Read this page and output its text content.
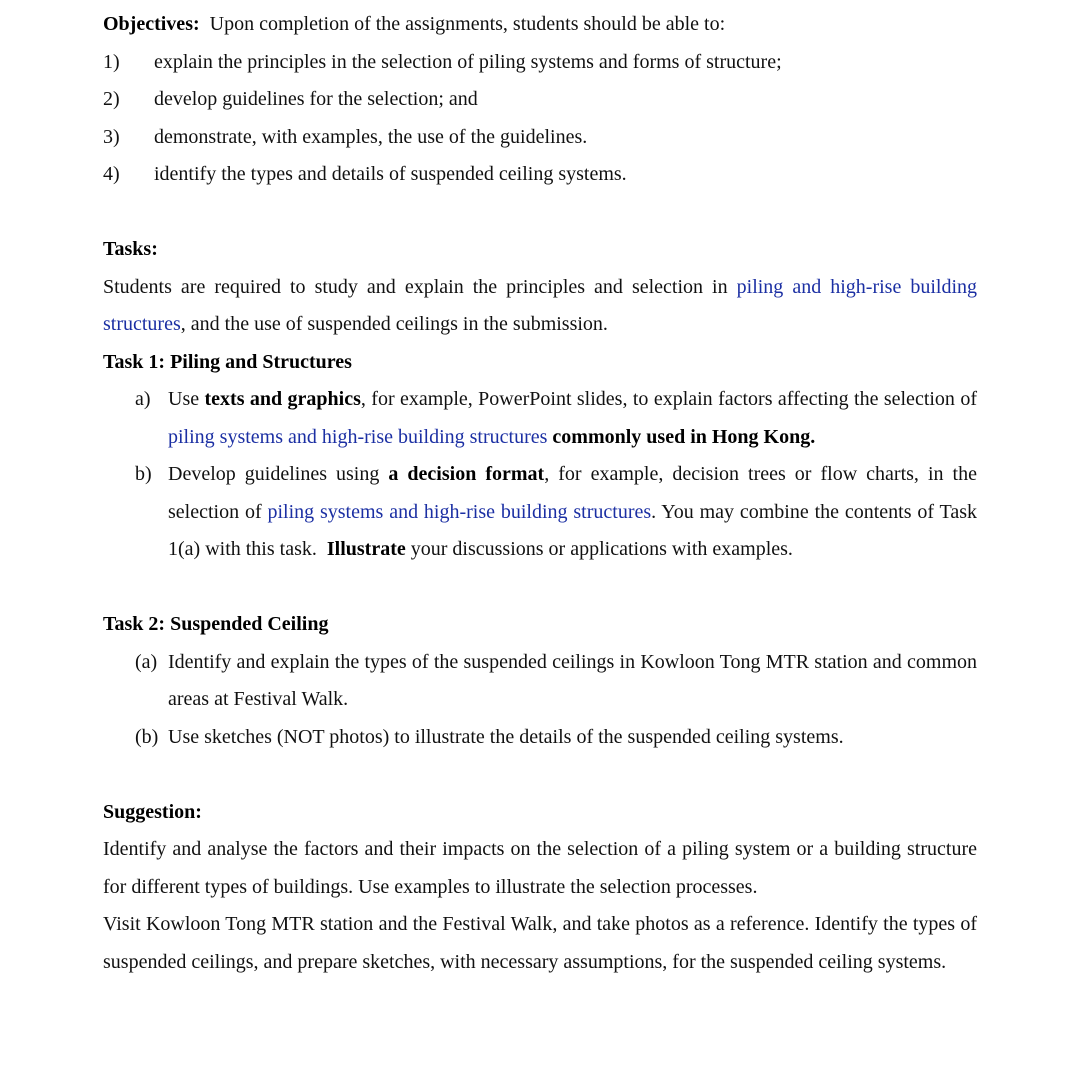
Objectives: Upon completion of the assignments, students should be able to:
1)	explain the principles in the selection of piling systems and forms of structure;
2)	develop guidelines for the selection; and
3)	demonstrate, with examples, the use of the guidelines.
4)	identify the types and details of suspended ceiling systems.
Tasks:
Students are required to study and explain the principles and selection in piling and high-rise building structures, and the use of suspended ceilings in the submission.
Task 1: Piling and Structures
a) Use texts and graphics, for example, PowerPoint slides, to explain factors affecting the selection of piling systems and high-rise building structures commonly used in Hong Kong.
b) Develop guidelines using a decision format, for example, decision trees or flow charts, in the selection of piling systems and high-rise building structures. You may combine the contents of Task 1(a) with this task. Illustrate your discussions or applications with examples.
Task 2: Suspended Ceiling
(a) Identify and explain the types of the suspended ceilings in Kowloon Tong MTR station and common areas at Festival Walk.
(b) Use sketches (NOT photos) to illustrate the details of the suspended ceiling systems.
Suggestion:
Identify and analyse the factors and their impacts on the selection of a piling system or a building structure for different types of buildings. Use examples to illustrate the selection processes.
Visit Kowloon Tong MTR station and the Festival Walk, and take photos as a reference. Identify the types of suspended ceilings, and prepare sketches, with necessary assumptions, for the suspended ceiling systems.
